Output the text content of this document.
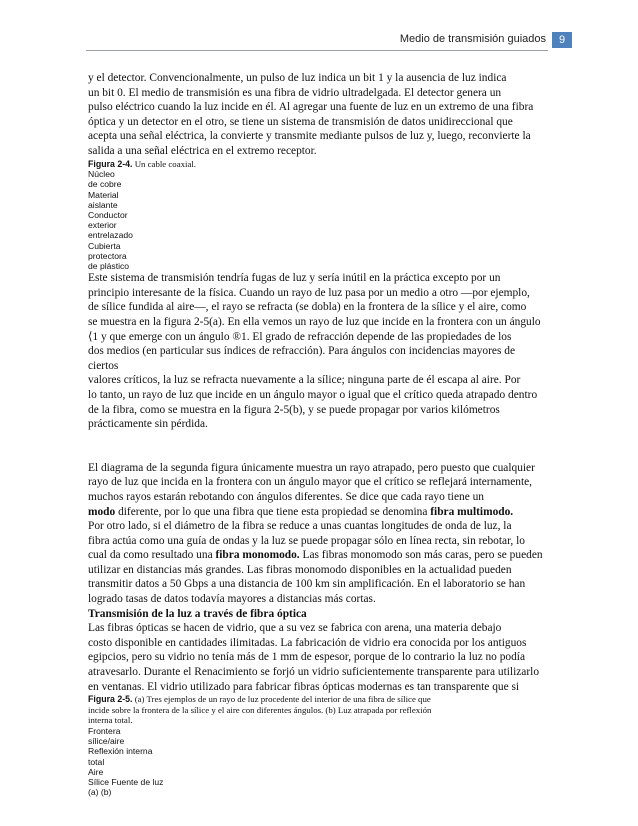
Medio de transmisión guiados	9

y el detector. Convencionalmente, un pulso de luz indica un bit 1 y la ausencia de luz indica

un bit 0. El medio de transmisión es una fibra de vidrio ultradelgada. El detector genera un

pulso eléctrico cuando la luz incide en él. Al agregar una fuente de luz en un extremo de una fibra

óptica y un detector en el otro, se tiene un sistema de transmisión de datos unidireccional que

acepta una señal eléctrica, la convierte y transmite mediante pulsos de luz y, luego, reconvierte la

salida a una señal eléctrica en el extremo receptor.

Figura 2-4. Un cable coaxial.

Núcleo

de cobre

Material

aislante

Conductor

exterior

entrelazado

Cubierta

protectora

de plástico

Este sistema de transmisión tendría fugas de luz y sería inútil en la práctica excepto por un

principio interesante de la física. Cuando un rayo de luz pasa por un medio a otro —por ejemplo,

de sílice fundida al aire—, el rayo se refracta (se dobla) en la frontera de la sílice y el aire, como

se muestra en la figura 2-5(a). En ella vemos un rayo de luz que incide en la frontera con un ángulo

⟨1 y que emerge con un ángulo ®1. El grado de refracción depende de las propiedades de los

dos medios (en particular sus índices de refracción). Para ángulos con incidencias mayores de

ciertos

valores críticos, la luz se refracta nuevamente a la sílice; ninguna parte de él escapa al aire. Por

lo tanto, un rayo de luz que incide en un ángulo mayor o igual que el crítico queda atrapado dentro

de la fibra, como se muestra en la figura 2-5(b), y se puede propagar por varios kilómetros

prácticamente sin pérdida.

El diagrama de la segunda figura únicamente muestra un rayo atrapado, pero puesto que cualquier

rayo de luz que incida en la frontera con un ángulo mayor que el crítico se reflejará internamente,

muchos rayos estarán rebotando con ángulos diferentes. Se dice que cada rayo tiene un

modo diferente, por lo que una fibra que tiene esta propiedad se denomina fibra multimodo.

Por otro lado, si el diámetro de la fibra se reduce a unas cuantas longitudes de onda de luz, la

fibra actúa como una guía de ondas y la luz se puede propagar sólo en línea recta, sin rebotar, lo

cual da como resultado una fibra monomodo. Las fibras monomodo son más caras, pero se pueden

utilizar en distancias más grandes. Las fibras monomodo disponibles en la actualidad pueden

transmitir datos a 50 Gbps a una distancia de 100 km sin amplificación. En el laboratorio se han

logrado tasas de datos todavía mayores a distancias más cortas.

Transmisión de la luz a través de fibra óptica

Las fibras ópticas se hacen de vidrio, que a su vez se fabrica con arena, una materia debajo

costo disponible en cantidades ilimitadas. La fabricación de vidrio era conocida por los antiguos

egipcios, pero su vidrio no tenía más de 1 mm de espesor, porque de lo contrario la luz no podía

atravesarlo. Durante el Renacimiento se forjó un vidrio suficientemente transparente para utilizarlo

en ventanas. El vidrio utilizado para fabricar fibras ópticas modernas es tan transparente que si

Figura 2-5. (a) Tres ejemplos de un rayo de luz procedente del interior de una fibra de sílice que

incide sobre la frontera de la sílice y el aire con diferentes ángulos. (b) Luz atrapada por reflexión

interna total.

Frontera

sílice/aire

Reflexión interna

total

Aire

Sílice Fuente de luz

(a) (b)
